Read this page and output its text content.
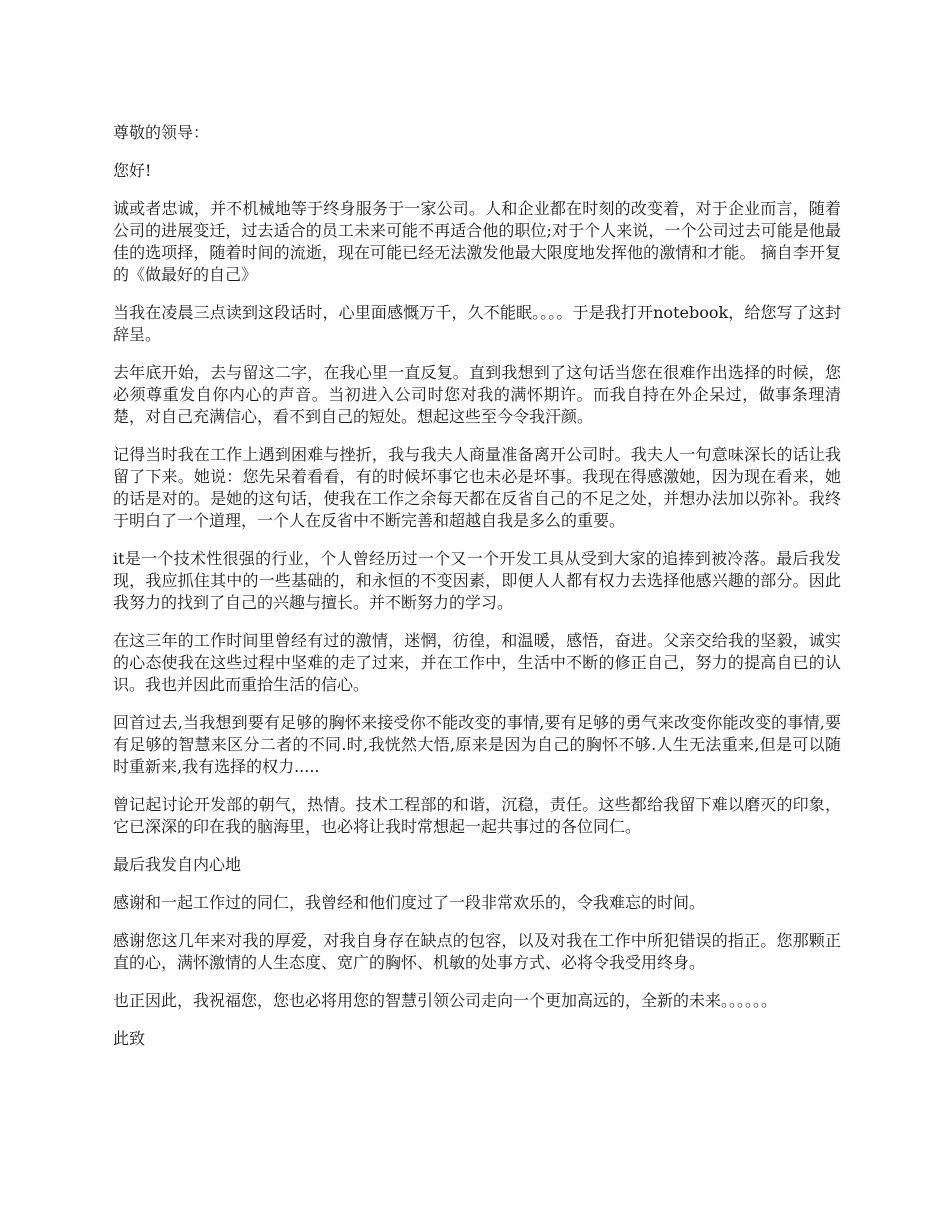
尊敬的领导：

您好!

诚或者忠诚，并不机械地等于终身服务于一家公司。人和企业都在时刻的改变着，对于企业而言，随着公司的进展变迁，过去适合的员工未来可能不再适合他的职位;对于个人来说，一个公司过去可能是他最佳的选项择，随着时间的流逝，现在可能已经无法激发他最大限度地发挥他的激情和才能。 摘自李开复的《做最好的自己》

当我在凌晨三点读到这段话时，心里面感慨万千，久不能眠。。。。于是我打开notebook，给您写了这封辞呈。

去年底开始，去与留这二字，在我心里一直反复。直到我想到了这句话当您在很难作出选择的时候，您必须尊重发自你内心的声音。当初进入公司时您对我的满怀期许。而我自持在外企呆过，做事条理清楚，对自己充满信心，看不到自己的短处。想起这些至今令我汗颜。

记得当时我在工作上遇到困难与挫折，我与我夫人商量准备离开公司时。我夫人一句意味深长的话让我留了下来。她说：您先呆着看看，有的时候坏事它也未必是坏事。我现在得感激她，因为现在看来，她的话是对的。是她的这句话，使我在工作之余每天都在反省自己的不足之处，并想办法加以弥补。我终于明白了一个道理，一个人在反省中不断完善和超越自我是多么的重要。

it是一个技术性很强的行业，个人曾经历过一个又一个开发工具从受到大家的追捧到被冷落。最后我发现，我应抓住其中的一些基础的，和永恒的不变因素，即便人人都有权力去选择他感兴趣的部分。因此我努力的找到了自己的兴趣与擅长。并不断努力的学习。

在这三年的工作时间里曾经有过的激情，迷惘，彷徨，和温暖，感悟，奋进。父亲交给我的坚毅，诚实的心态使我在这些过程中坚难的走了过来，并在工作中，生活中不断的修正自己，努力的提高自已的认识。我也并因此而重拾生活的信心。

回首过去,当我想到要有足够的胸怀来接受你不能改变的事情,要有足够的勇气来改变你能改变的事情,要有足够的智慧来区分二者的不同.时,我恍然大悟,原来是因为自己的胸怀不够.人生无法重来,但是可以随时重新来,我有选择的权力.....

曾记起讨论开发部的朝气，热情。技术工程部的和谐，沉稳，责任。这些都给我留下难以磨灭的印象，它已深深的印在我的脑海里，也必将让我时常想起一起共事过的各位同仁。

最后我发自内心地

感谢和一起工作过的同仁，我曾经和他们度过了一段非常欢乐的，令我难忘的时间。

感谢您这几年来对我的厚爱，对我自身存在缺点的包容，以及对我在工作中所犯错误的指正。您那颗正直的心，满怀激情的人生态度、宽广的胸怀、机敏的处事方式、必将令我受用终身。

也正因此，我祝福您，您也必将用您的智慧引领公司走向一个更加高远的，全新的未来。。。。。。

此致
